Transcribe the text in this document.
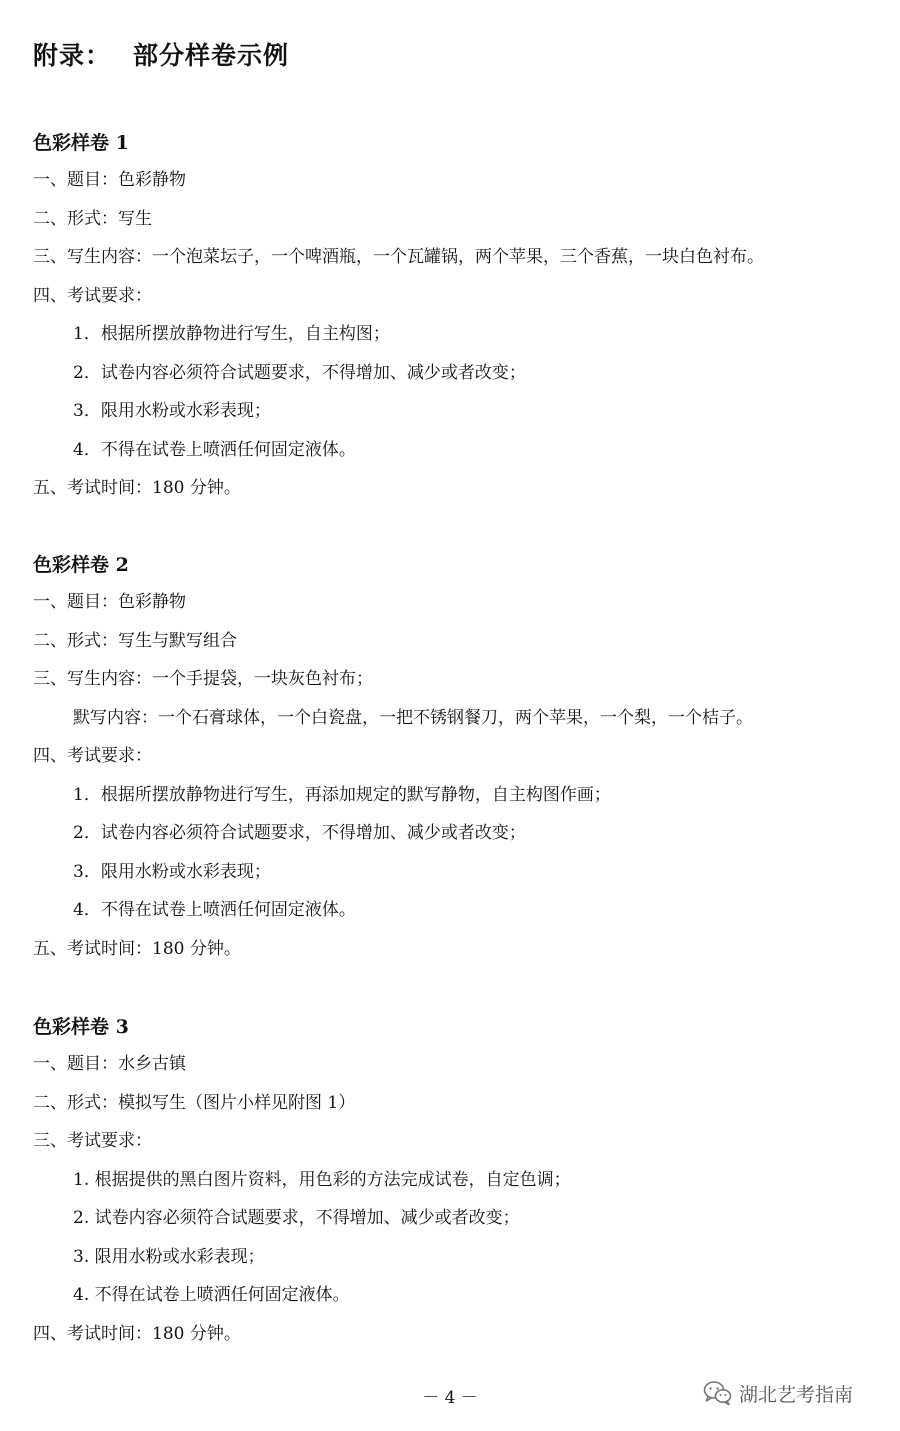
附录： 部分样卷示例
色彩样卷 1
一、题目：色彩静物
二、形式：写生
三、写生内容：一个泡菜坛子，一个啤酒瓶，一个瓦罐锅，两个苹果，三个香蕉，一块白色衬布。
四、考试要求：
1．根据所摆放静物进行写生，自主构图；
2．试卷内容必须符合试题要求，不得增加、减少或者改变；
3．限用水粉或水彩表现；
4．不得在试卷上喷洒任何固定液体。
五、考试时间：180 分钟。
色彩样卷 2
一、题目：色彩静物
二、形式：写生与默写组合
三、写生内容：一个手提袋，一块灰色衬布；
默写内容：一个石膏球体，一个白瓷盘，一把不锈钢餐刀，两个苹果，一个梨，一个桔子。
四、考试要求：
1．根据所摆放静物进行写生，再添加规定的默写静物，自主构图作画；
2．试卷内容必须符合试题要求，不得增加、减少或者改变；
3．限用水粉或水彩表现；
4．不得在试卷上喷洒任何固定液体。
五、考试时间：180 分钟。
色彩样卷 3
一、题目：水乡古镇
二、形式：模拟写生（图片小样见附图 1）
三、考试要求：
1. 根据提供的黑白图片资料，用色彩的方法完成试卷，自定色调；
2. 试卷内容必须符合试题要求，不得增加、减少或者改变；
3. 限用水粉或水彩表现；
4. 不得在试卷上喷洒任何固定液体。
四、考试时间：180 分钟。
－ 4 －	湖北艺考指南
